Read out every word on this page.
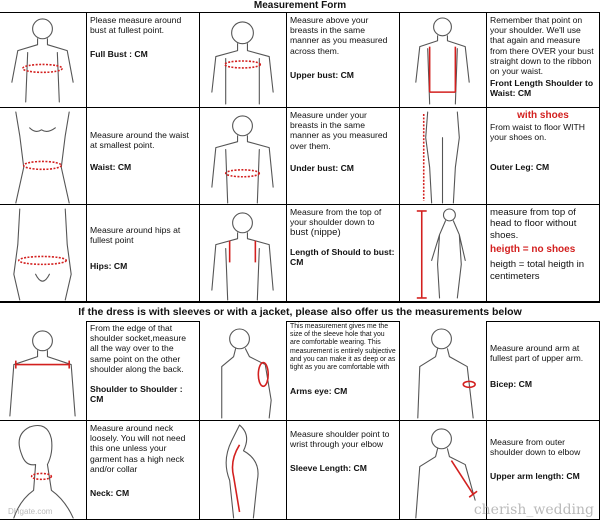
Measurement Form
Please measure around bust at fullest point.
Full Bust : CM
Measure above your breasts in the same manner as you measured across them.
Upper bust: CM
Remember that point on your shoulder. We'll use that again and measure from there OVER your bust straight down to the ribbon on your waist.
Front Length Shoulder to Waist: CM
Measure around the waist at smallest point.
Waist: CM
Measure under your breasts in the same manner as you measured over them.
Under bust: CM
with shoes
From waist to floor WITH your shoes on.
Outer Leg: CM
Measure around hips at fullest point
Hips: CM
Measure from the top of your shoulder down to
bust (nippe)
Length of Should to bust: CM
measure from top of head to floor without shoes.
heigth = no shoes
heigth = total heigth in centimeters
If the dress is with sleeves or with a jacket, please also offer us the measurements below
From the edge of that shoulder socket,measure all the way over to the same point on the other shoulder along the back.
Shoulder to Shoulder : CM
This measurement gives me the size of the sleeve hole that you are comfortable wearing. This measurement is entirely subjective and you can make it as deep or as tight as you are comfortable with
Arms eye: CM
Measure around arm at fullest part of upper arm.
Bicep: CM
DHgate.com
Measure around neck loosely. You will not need this one unless your garment has a high neck and/or collar
Neck: CM
Measure shoulder point to wrist through your elbow
Sleeve Length: CM
Measure from outer shoulder down to elbow
Upper arm length: CM
cherish_wedding
